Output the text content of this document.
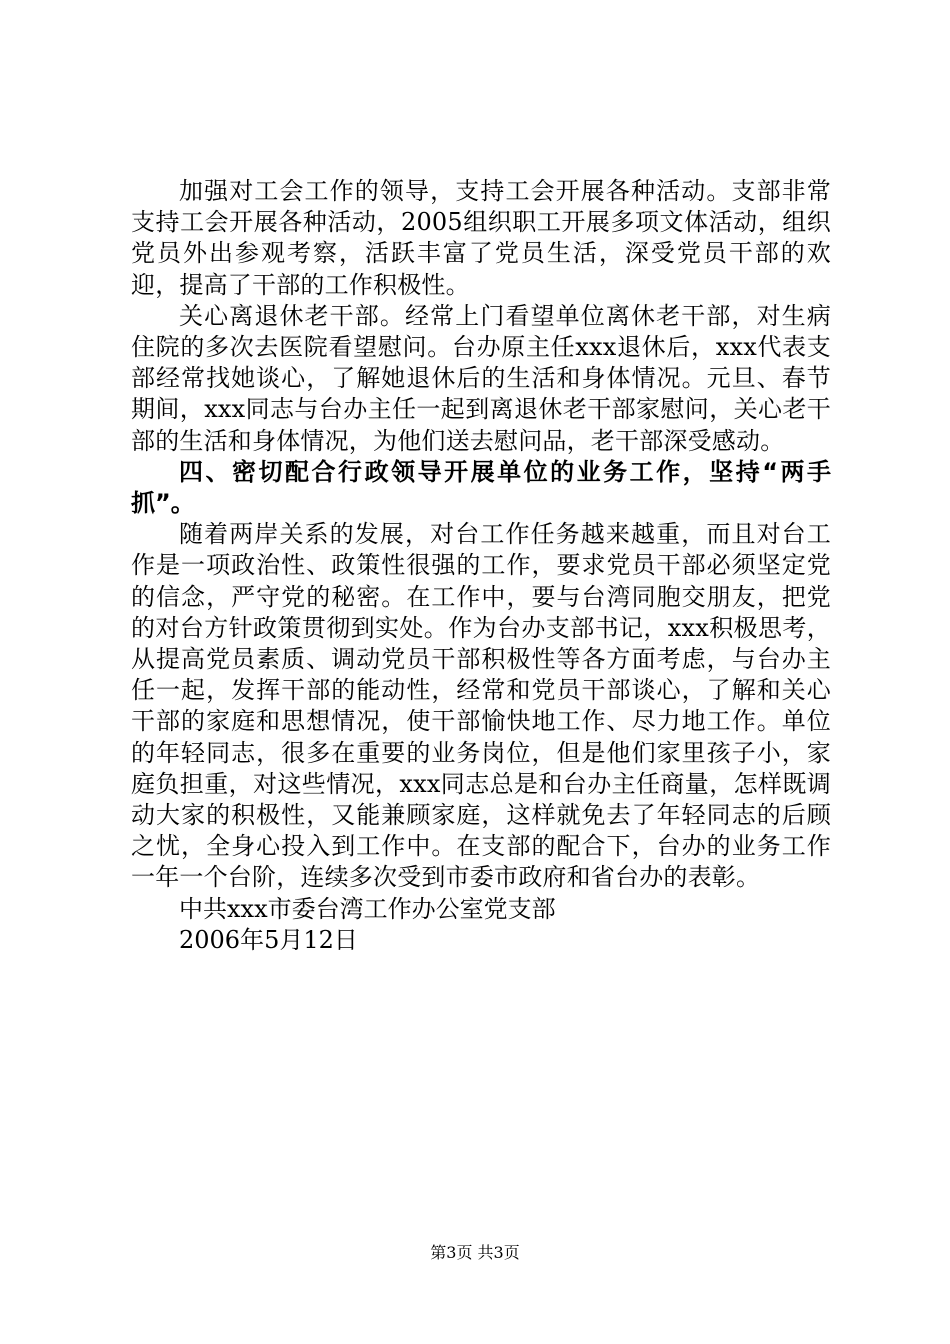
加强对工会工作的领导，支持工会开展各种活动。支部非常支持工会开展各种活动，2005组织职工开展多项文体活动，组织党员外出参观考察，活跃丰富了党员生活，深受党员干部的欢迎，提高了干部的工作积极性。

关心离退休老干部。经常上门看望单位离休老干部，对生病住院的多次去医院看望慰问。台办原主任xxx退休后，xxx代表支部经常找她谈心，了解她退休后的生活和身体情况。元旦、春节期间，xxx同志与台办主任一起到离退休老干部家慰问，关心老干部的生活和身体情况，为他们送去慰问品，老干部深受感动。

四、密切配合行政领导开展单位的业务工作，坚持“两手抓”。

随着两岸关系的发展，对台工作任务越来越重，而且对台工作是一项政治性、政策性很强的工作，要求党员干部必须坚定党的信念，严守党的秘密。在工作中，要与台湾同胞交朋友，把党的对台方针政策贯彻到实处。作为台办支部书记，xxx积极思考，从提高党员素质、调动党员干部积极性等各方面考虑，与台办主任一起，发挥干部的能动性，经常和党员干部谈心，了解和关心干部的家庭和思想情况，使干部愉快地工作、尽力地工作。单位的年轻同志，很多在重要的业务岗位，但是他们家里孩子小，家庭负担重，对这些情况，xxx同志总是和台办主任商量，怎样既调动大家的积极性，又能兼顾家庭，这样就免去了年轻同志的后顾之忧，全身心投入到工作中。在支部的配合下，台办的业务工作一年一个台阶，连续多次受到市委市政府和省台办的表彰。

中共xxx市委台湾工作办公室党支部

2006年5月12日

第3页 共3页
